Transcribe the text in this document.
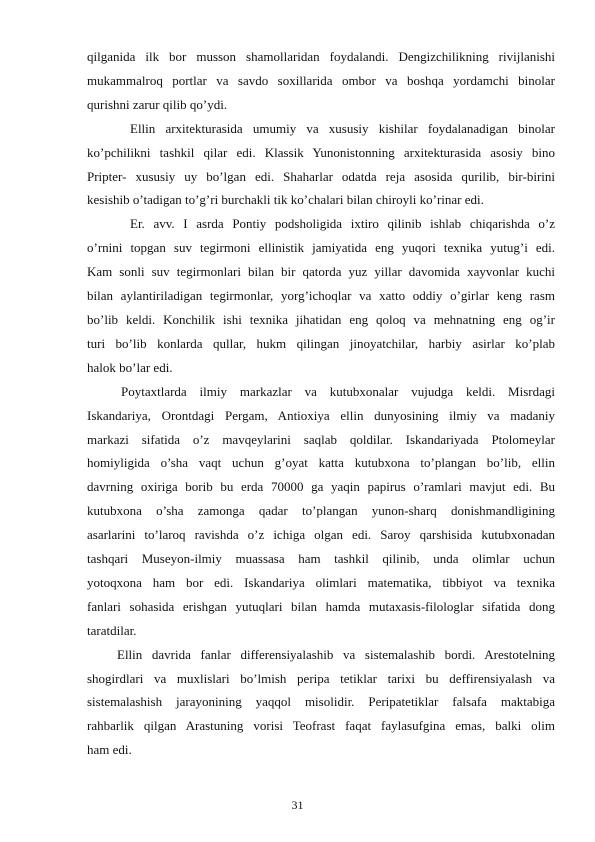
qilganida ilk bor musson shamollaridan foydalandi. Dengizchilikning rivijlanishi
mukammalroq portlar va savdo soxillarida ombor va boshqa yordamchi binolar
qurishni zarur qilib qo’ydi.
Ellin arxitekturasida umumiy va xususiy kishilar foydalanadigan binolar
ko’pchilikni tashkil qilar edi. Klassik Yunonistonning arxitekturasida asosiy bino
Pripter- xususiy uy bo’lgan edi. Shaharlar odatda reja asosida qurilib, bir-birini
kesishib o’tadigan to’g’ri burchakli tik ko’chalari bilan chiroyli ko’rinar edi.
Er. avv. I asrda Pontiy podsholigida ixtiro qilinib ishlab chiqarishda o’z
o’rnini topgan suv tegirmoni ellinistik jamiyatida eng yuqori texnika yutug’i edi.
Kam sonli suv tegirmonlari bilan bir qatorda yuz yillar davomida xayvonlar kuchi
bilan aylantiriladigan tegirmonlar, yorg’ichoqlar va xatto oddiy o’girlar keng rasm
bo’lib keldi. Konchilik ishi texnika jihatidan eng qoloq va mehnatning eng og’ir
turi bo’lib konlarda qullar, hukm qilingan jinoyatchilar, harbiy asirlar ko’plab
halok bo’lar edi.
Poytaxtlarda ilmiy markazlar va kutubxonalar vujudga keldi. Misrdagi
Iskandariya, Orontdagi Pergam, Antioxiya ellin dunyosining ilmiy va madaniy
markazi sifatida o’z mavqeylarini saqlab qoldilar. Iskandariyada Ptolomeylar
homiyligida o’sha vaqt uchun g’oyat katta kutubxona to’plangan bo’lib, ellin
davrning oxiriga borib bu erda 70000 ga yaqin papirus o’ramlari mavjut edi. Bu
kutubxona o’sha zamonga qadar to’plangan yunon-sharq donishmandligining
asarlarini to’laroq ravishda o’z ichiga olgan edi. Saroy qarshisida kutubxonadan
tashqari Museyon-ilmiy muassasa ham tashkil qilinib, unda olimlar uchun
yotoqxona ham bor edi. Iskandariya olimlari matematika, tibbiyot va texnika
fanlari sohasida erishgan yutuqlari bilan hamda mutaxasis-filologlar sifatida dong
taratdilar.
Ellin davrida fanlar differensiyalashib va sistemalashib bordi. Arestotelning
shogirdlari va muxlislari bo’lmish peripa tetiklar tarixi bu deffirensiyalash va
sistemalashish jarayonining yaqqol misolidir. Peripatetiklar falsafa maktabiga
rahbarlik qilgan Arastuning vorisi Teofrast faqat faylasufgina emas, balki olim
ham edi.
31
